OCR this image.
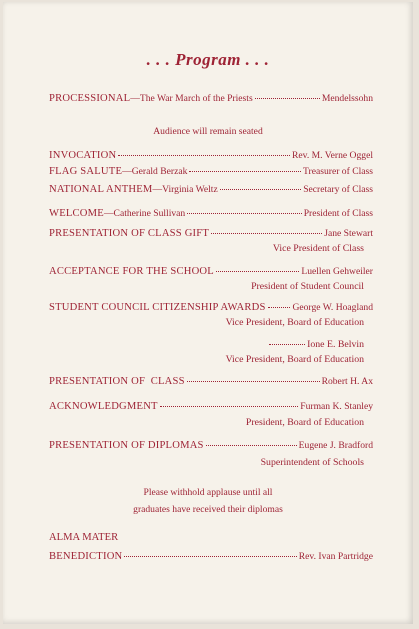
. . . Program . . .
PROCESSIONAL —The War March of the Priests	Mendelssohn
Audience will remain seated
INVOCATION	Rev. M. Verne Oggel
FLAG SALUTE —Gerald Berzak	Treasurer of Class
NATIONAL ANTHEM —Virginia Weltz	Secretary of Class
WELCOME —Catherine Sullivan	President of Class
PRESENTATION OF CLASS GIFT	Jane Stewart
Vice President of Class
ACCEPTANCE FOR THE SCHOOL	Luellen Gehweiler
President of Student Council
STUDENT COUNCIL CITIZENSHIP AWARDS	George W. Hoagland
Vice President, Board of Education
Ione E. Belvin
Vice President, Board of Education
PRESENTATION OF  CLASS	Robert H. Ax
ACKNOWLEDGMENT	Furman K. Stanley
President, Board of Education
PRESENTATION OF DIPLOMAS	Eugene J. Bradford
Superintendent of Schools
Please withhold applause until all
graduates have received their diplomas
ALMA MATER
BENEDICTION	Rev. Ivan Partridge
